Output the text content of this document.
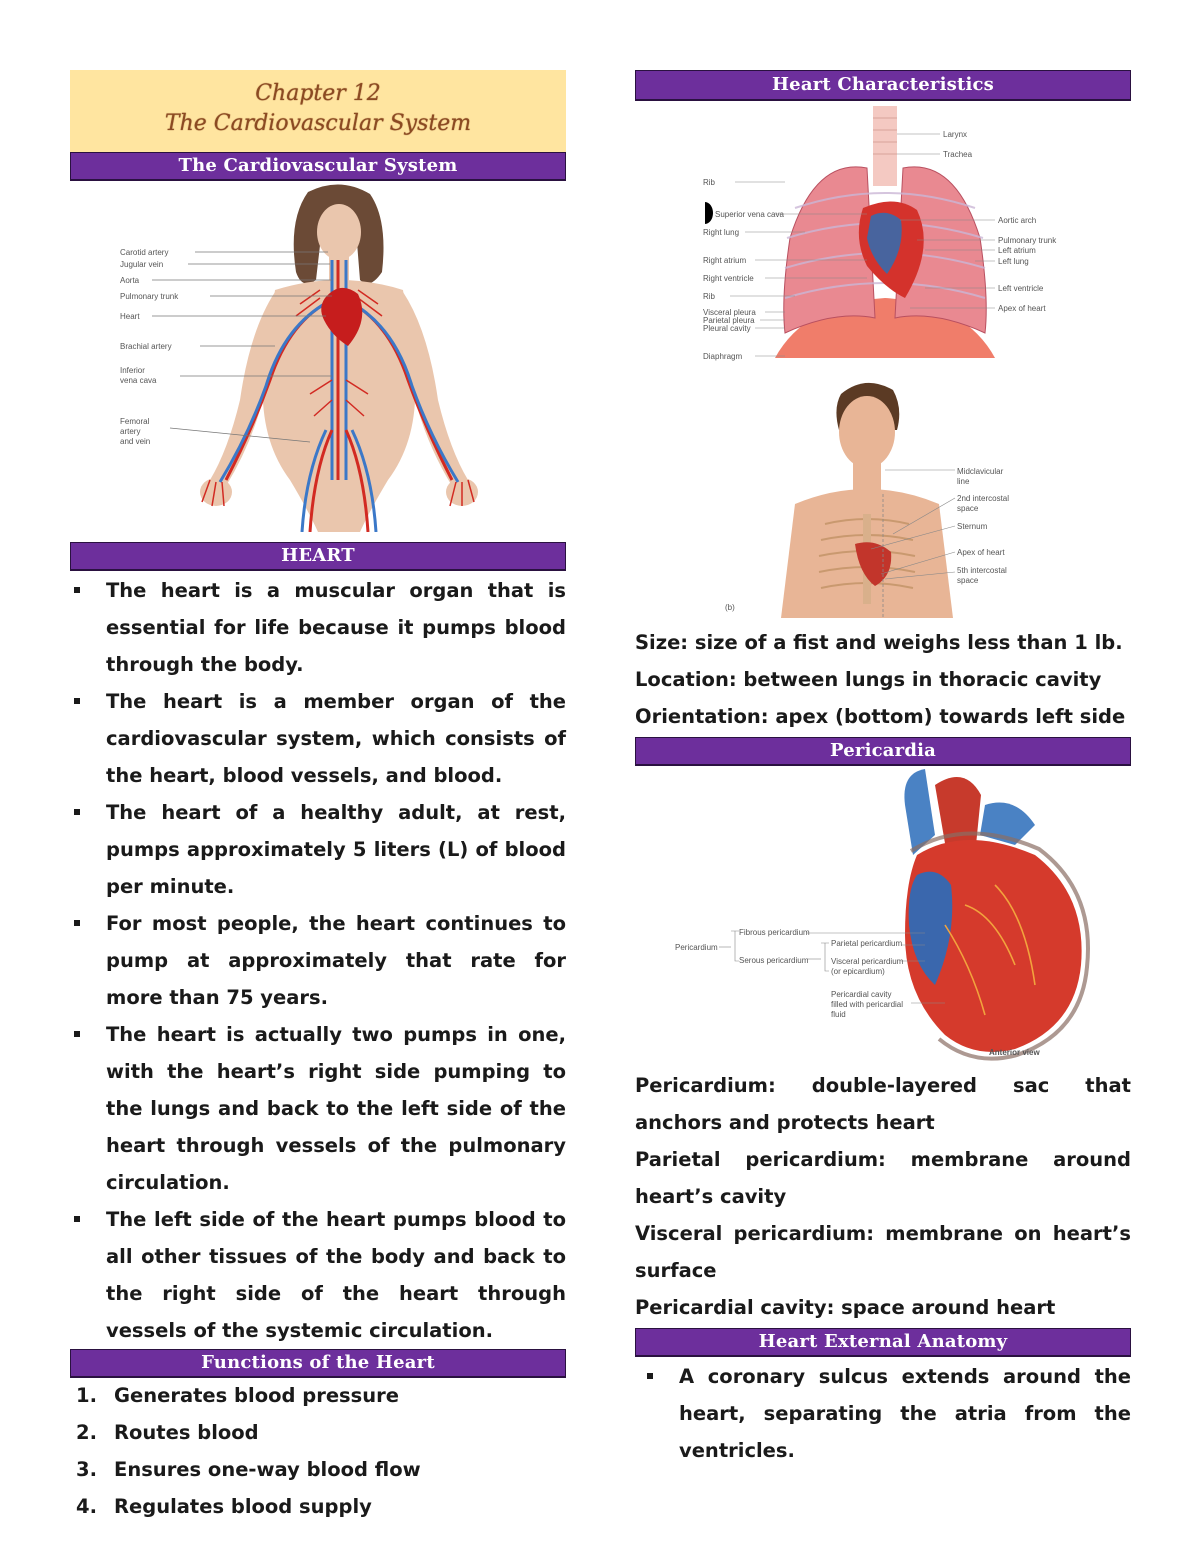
Chapter 12
The Cardiovascular System
The Cardiovascular System
Carotid artery
Jugular vein
Aorta
Pulmonary trunk
Heart
Brachial artery
Inferior
vena cava
Femoral
artery
and vein
HEART
The heart is a muscular organ that is essential for life because it pumps blood through the body.
The heart is a member organ of the cardiovascular system, which consists of the heart, blood vessels, and blood.
The heart of a healthy adult, at rest, pumps approximately 5 liters (L) of blood per minute.
For most people, the heart continues to pump at approximately that rate for more than 75 years.
The heart is actually two pumps in one, with the heart’s right side pumping to the lungs and back to the left side of the heart through vessels of the pulmonary circulation.
The left side of the heart pumps blood to all other tissues of the body and back to the right side of the heart through vessels of the systemic circulation.
Functions of the Heart
1. Generates blood pressure
2. Routes blood
3. Ensures one-way blood flow
4. Regulates blood supply
Heart Characteristics
Rib
Superior vena cava
Right lung
Right atrium
Right ventricle
Rib
Visceral pleura
Parietal pleura
Pleural cavity
Diaphragm
Larynx
Trachea
Aortic arch
Pulmonary trunk
Left atrium
Left lung
Left ventricle
Apex of heart
Midclavicular
line
2nd intercostal
space
Sternum
Apex of heart
5th intercostal
space
(b)
Size: size of a fist and weighs less than 1 lb.
Location: between lungs in thoracic cavity
Orientation: apex (bottom) towards left side
Pericardia
Pericardium
Fibrous pericardium
Serous pericardium
Parietal pericardium
Visceral pericardium
(or epicardium)
Pericardial cavity
filled with pericardial
fluid
Anterior view
Pericardium: double-layered sac that anchors and protects heart
Parietal pericardium: membrane around heart’s cavity
Visceral pericardium: membrane on heart’s surface
Pericardial cavity: space around heart
Heart External Anatomy
A coronary sulcus extends around the heart, separating the atria from the ventricles.
